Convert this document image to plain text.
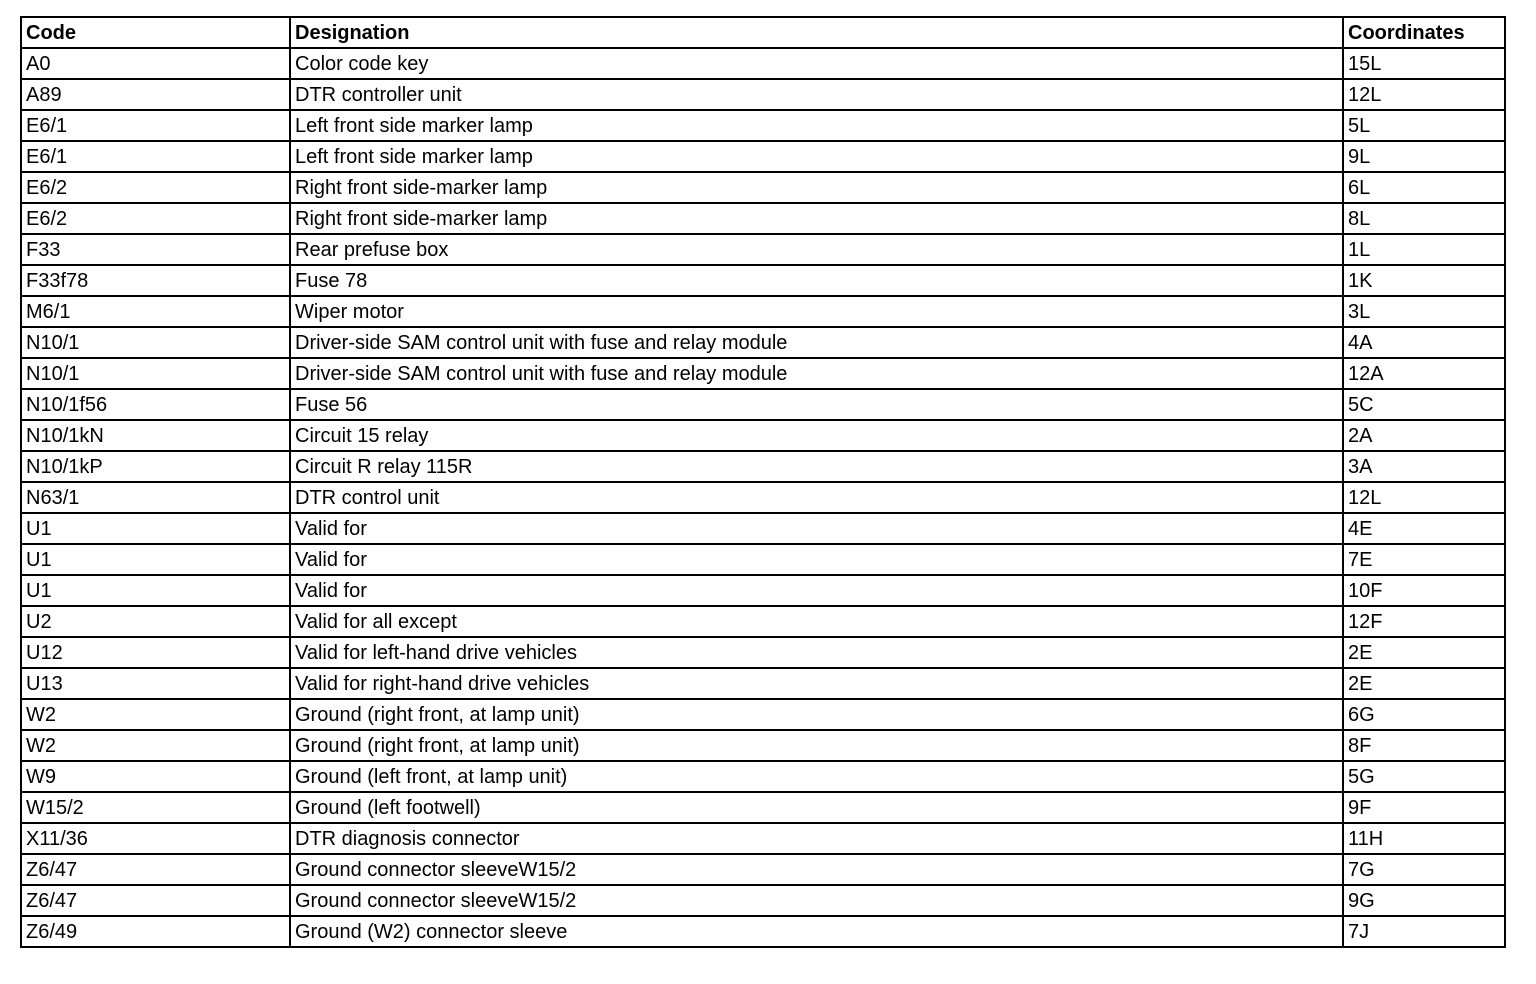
Code	Designation	Coordinates
A0	Color code key	15L
A89	DTR controller unit	12L
E6/1	Left front side marker lamp	5L
E6/1	Left front side marker lamp	9L
E6/2	Right front side-marker lamp	6L
E6/2	Right front side-marker lamp	8L
F33	Rear prefuse box	1L
F33f78	Fuse 78	1K
M6/1	Wiper motor	3L
N10/1	Driver-side SAM control unit with fuse and relay module	4A
N10/1	Driver-side SAM control unit with fuse and relay module	12A
N10/1f56	Fuse 56	5C
N10/1kN	Circuit 15 relay	2A
N10/1kP	Circuit R relay 115R	3A
N63/1	DTR control unit	12L
U1	Valid for	4E
U1	Valid for	7E
U1	Valid for	10F
U2	Valid for all except	12F
U12	Valid for left-hand drive vehicles	2E
U13	Valid for right-hand drive vehicles	2E
W2	Ground (right front, at lamp unit)	6G
W2	Ground (right front, at lamp unit)	8F
W9	Ground (left front, at lamp unit)	5G
W15/2	Ground (left footwell)	9F
X11/36	DTR diagnosis connector	11H
Z6/47	Ground connector sleeveW15/2	7G
Z6/47	Ground connector sleeveW15/2	9G
Z6/49	Ground (W2) connector sleeve	7J
